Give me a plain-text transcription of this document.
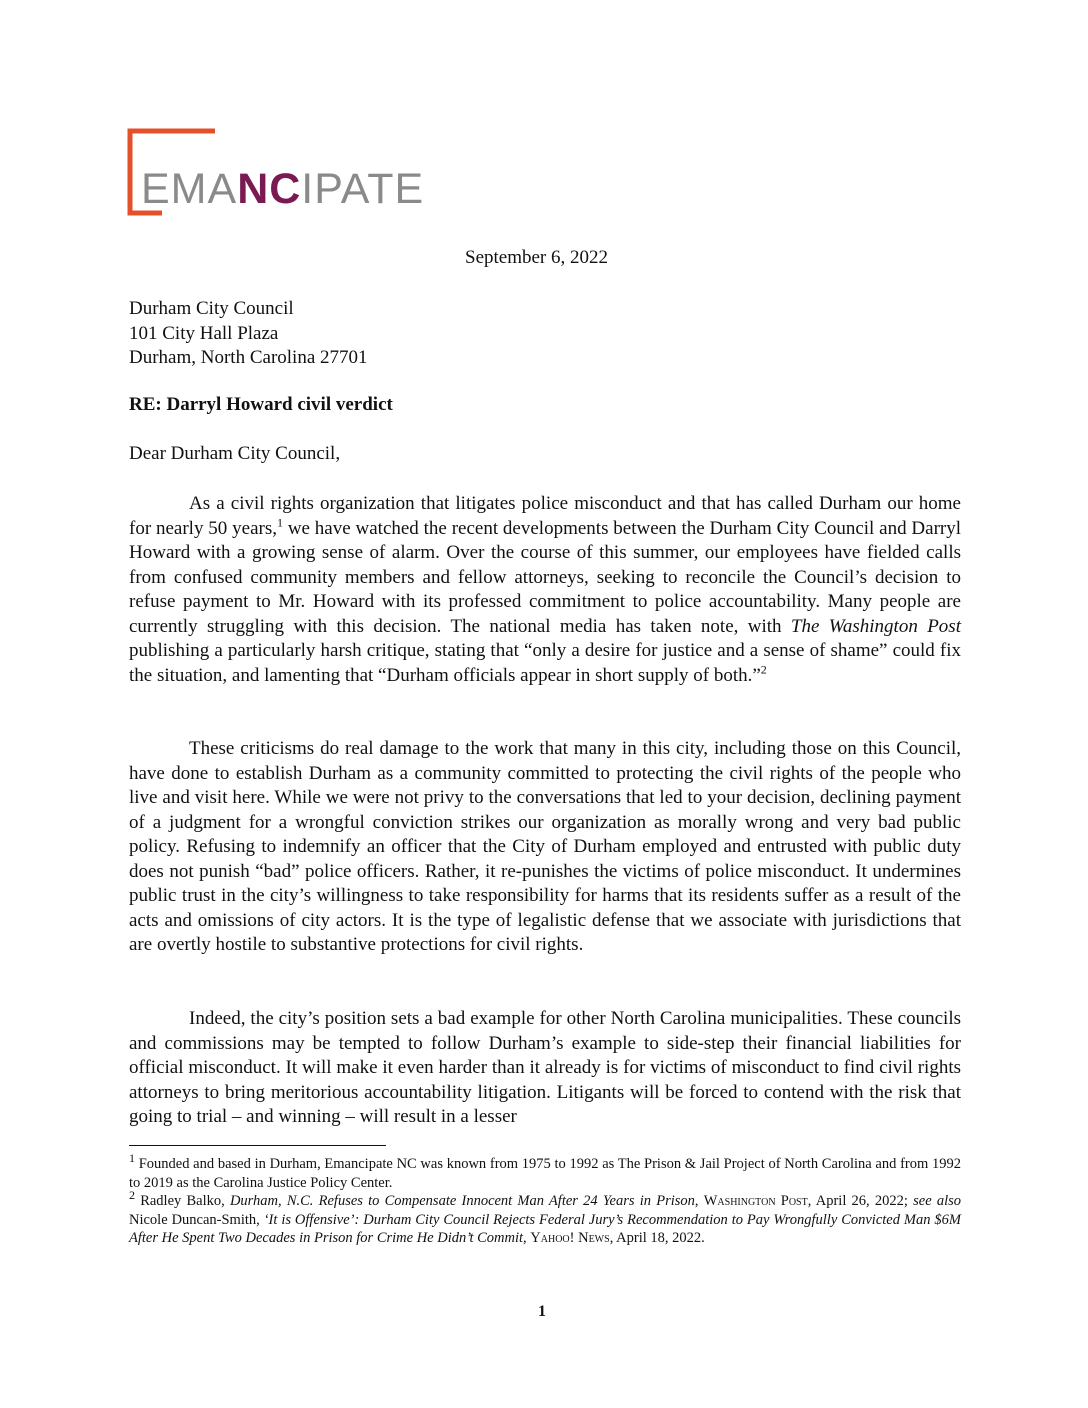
EMANCIPATE
September 6, 2022
Durham City Council
101 City Hall Plaza
Durham, North Carolina 27701
RE: Darryl Howard civil verdict
Dear Durham City Council,

As a civil rights organization that litigates police misconduct and that has called Durham our home for nearly 50 years,$^1$ we have watched the recent developments between the Durham City Council and Darryl Howard with a growing sense of alarm. Over the course of this summer, our employees have fielded calls from confused community members and fellow attorneys, seeking to reconcile the Council’s decision to refuse payment to Mr. Howard with its professed commitment to police accountability. Many people are currently struggling with this decision. The national media has taken note, with The Washington Post publishing a particularly harsh critique, stating that “only a desire for justice and a sense of shame” could fix the situation, and lamenting that “Durham officials appear in short supply of both.”$^2$

These criticisms do real damage to the work that many in this city, including those on this Council, have done to establish Durham as a community committed to protecting the civil rights of the people who live and visit here. While we were not privy to the conversations that led to your decision, declining payment of a judgment for a wrongful conviction strikes our organization as morally wrong and very bad public policy. Refusing to indemnify an officer that the City of Durham employed and entrusted with public duty does not punish “bad” police officers. Rather, it re-punishes the victims of police misconduct. It undermines public trust in the city’s willingness to take responsibility for harms that its residents suffer as a result of the acts and omissions of city actors. It is the type of legalistic defense that we associate with jurisdictions that are overtly hostile to substantive protections for civil rights.

Indeed, the city’s position sets a bad example for other North Carolina municipalities. These councils and commissions may be tempted to follow Durham’s example to side-step their financial liabilities for official misconduct. It will make it even harder than it already is for victims of misconduct to find civil rights attorneys to bring meritorious accountability litigation. Litigants will be forced to contend with the risk that going to trial – and winning – will result in a lesser

$^1$ Founded and based in Durham, Emancipate NC was known from 1975 to 1992 as The Prison & Jail Project of North Carolina and from 1992 to 2019 as the Carolina Justice Policy Center.

$^2$ Radley Balko, Durham, N.C. Refuses to Compensate Innocent Man After 24 Years in Prison, Washington Post, April 26, 2022; see also Nicole Duncan-Smith, ‘It is Offensive’: Durham City Council Rejects Federal Jury’s Recommendation to Pay Wrongfully Convicted Man $6M After He Spent Two Decades in Prison for Crime He Didn’t Commit, Yahoo! News, April 18, 2022.

1
